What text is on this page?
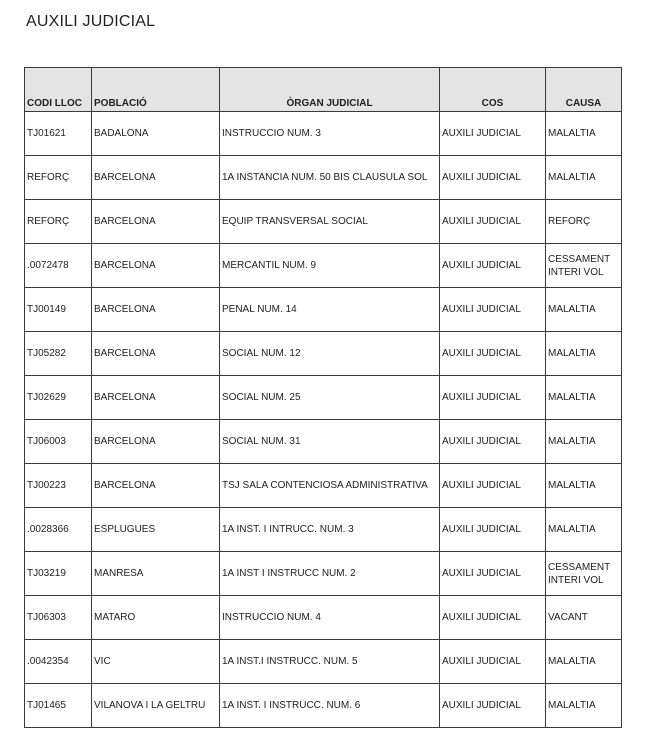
AUXILI JUDICIAL
CODI LLOC	POBLACIÓ	ÒRGAN JUDICIAL	COS	CAUSA
TJ01621	BADALONA	INSTRUCCIO NUM. 3	AUXILI JUDICIAL	MALALTIA
REFORÇ	BARCELONA	1A INSTANCIA NUM. 50 BIS CLAUSULA SOL	AUXILI JUDICIAL	MALALTIA
REFORÇ	BARCELONA	EQUIP TRANSVERSAL SOCIAL	AUXILI JUDICIAL	REFORÇ
.0072478	BARCELONA	MERCANTIL NUM. 9	AUXILI JUDICIAL	CESSAMENT INTERI VOL
TJ00149	BARCELONA	PENAL NUM. 14	AUXILI JUDICIAL	MALALTIA
TJ05282	BARCELONA	SOCIAL NUM. 12	AUXILI JUDICIAL	MALALTIA
TJ02629	BARCELONA	SOCIAL NUM. 25	AUXILI JUDICIAL	MALALTIA
TJ06003	BARCELONA	SOCIAL NUM. 31	AUXILI JUDICIAL	MALALTIA
TJ00223	BARCELONA	TSJ SALA CONTENCIOSA ADMINISTRATIVA	AUXILI JUDICIAL	MALALTIA
.0028366	ESPLUGUES	1A INST. I INTRUCC. NUM. 3	AUXILI JUDICIAL	MALALTIA
TJ03219	MANRESA	1A INST I INSTRUCC NUM. 2	AUXILI JUDICIAL	CESSAMENT INTERI VOL
TJ06303	MATARO	INSTRUCCIO NUM. 4	AUXILI JUDICIAL	VACANT
.0042354	VIC	1A INST.I INSTRUCC. NUM. 5	AUXILI JUDICIAL	MALALTIA
TJ01465	VILANOVA I LA GELTRU	1A INST. I INSTRUCC. NUM. 6	AUXILI JUDICIAL	MALALTIA
